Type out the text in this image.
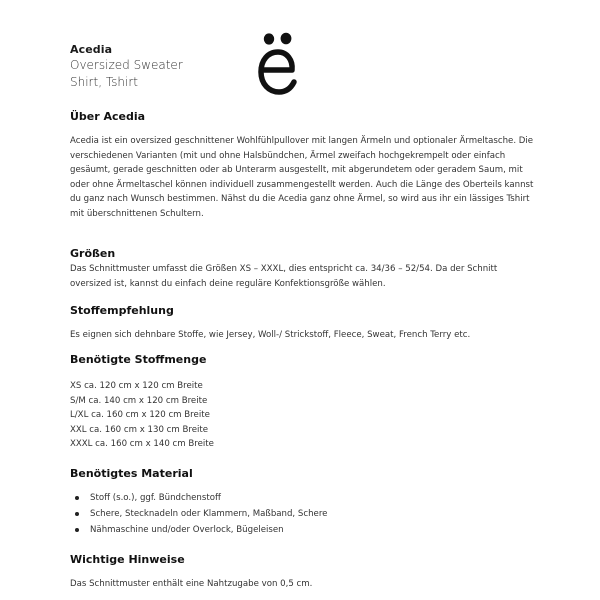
Acedia
Oversized Sweater
Shirt, Tshirt
Über Acedia

Acedia ist ein oversized geschnittener Wohlfühlpullover mit langen Ärmeln und optionaler Ärmeltasche. Die verschiedenen Varianten (mit und ohne Halsbündchen, Ärmel zweifach hochgekrempelt oder einfach gesäumt, gerade geschnitten oder ab Unterarm ausgestellt, mit abgerundetem oder geradem Saum, mit oder ohne Ärmeltaschel können individuell zusammengestellt werden. Auch die Länge des Oberteils kannst du ganz nach Wunsch bestimmen. Nähst du die Acedia ganz ohne Ärmel, so wird aus ihr ein lässiges Tshirt mit überschnittenen Schultern.

Größen

Das Schnittmuster umfasst die Größen XS – XXXL, dies entspricht ca. 34/36 – 52/54. Da der Schnitt oversized ist, kannst du einfach deine reguläre Konfektionsgröße wählen.

Stoffempfehlung

Es eignen sich dehnbare Stoffe, wie Jersey, Woll-/ Strickstoff, Fleece, Sweat, French Terry etc.

Benötigte Stoffmenge
XS ca. 120 cm x 120 cm Breite
S/M ca. 140 cm x 120 cm Breite
L/XL ca. 160 cm x 120 cm Breite
XXL ca. 160 cm x 130 cm Breite
XXXL ca. 160 cm x 140 cm Breite
Benötigtes Material
Stoff (s.o.), ggf. Bündchenstoff
Schere, Stecknadeln oder Klammern, Maßband, Schere
Nähmaschine und/oder Overlock, Bügeleisen
Wichtige Hinweise

Das Schnittmuster enthält eine Nahtzugabe von 0,5 cm.
